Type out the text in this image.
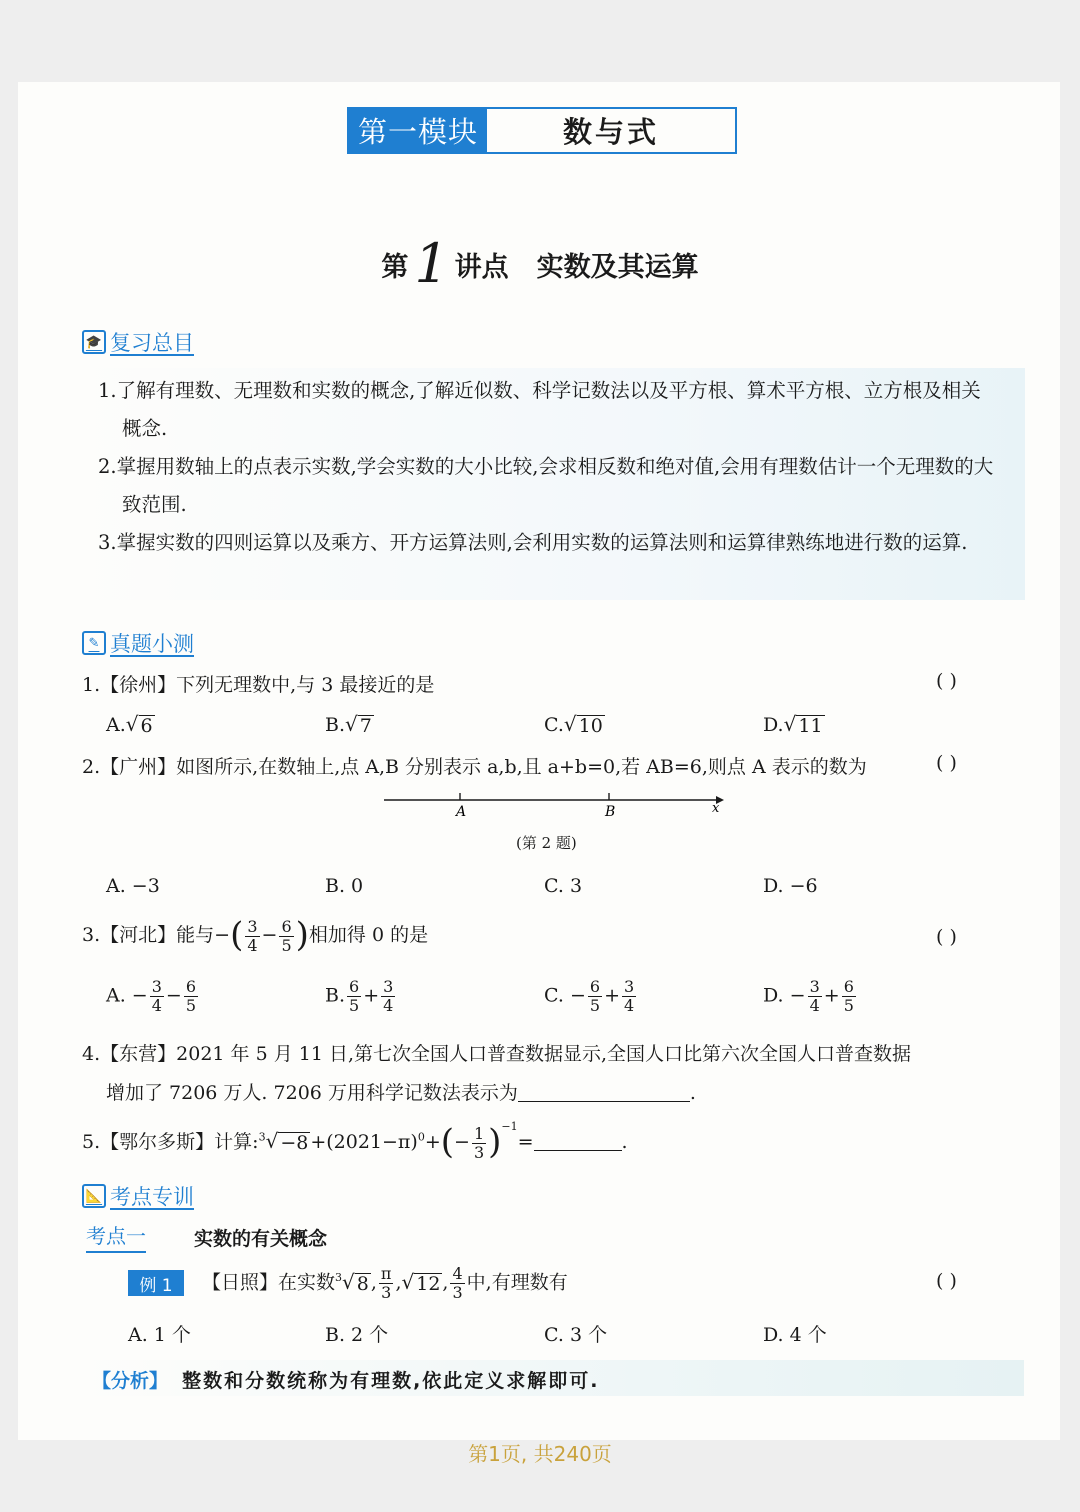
第一模块	数与式
第 1 讲点 实数及其运算
🎓 复习总目
1.了解有理数、无理数和实数的概念,了解近似数、科学记数法以及平方根、算术平方根、立方根及相关概念.
2.掌握用数轴上的点表示实数,学会实数的大小比较,会求相反数和绝对值,会用有理数估计一个无理数的大致范围.
3.掌握实数的四则运算以及乘方、开方运算法则,会利用实数的运算法则和运算律熟练地进行数的运算.
✎ 真题小测
1.【徐州】下列无理数中,与 3 最接近的是	( )
A. √ 6	B. √ 7	C. √ 10	D. √ 11
2.【广州】如图所示,在数轴上,点 A,B 分别表示 a,b,且 a+b=0,若 AB=6,则点 A 表示的数为	( )
A	B	x
(第 2 题)
A. −3	B. 0	C. 3	D. −6
3.【河北】能与−( $\frac{3}{4} - \frac{6}{5}$ )相加得 0 的是	( )
A. − $\frac{3}{4} - \frac{6}{5}$	B. $\frac{6}{5} + \frac{3}{4}$	C. − $\frac{6}{5} + \frac{3}{4}$	D. − $\frac{3}{4} + \frac{6}{5}$
4.【东营】2021 年 5 月 11 日,第七次全国人口普查数据显示,全国人口比第六次全国人口普查数据
增加了 7206 万人. 7206 万用科学记数法表示为	.
5.【鄂尔多斯】计算:$^3$ √ $-8 +(2021-\pi)^0+(- \frac{1}{3} )^{-1}=$	.
📐 考点专训
考点一	实数的有关概念
例 1	【日照】在实数$^3$ √ 8 , $\frac{\pi}{3}$ , √ 12 , $\frac{4}{3}$ 中,有理数有	( )
A. 1 个	B. 2 个	C. 3 个	D. 4 个
【分析】 整数和分数统称为有理数,依此定义求解即可.
第1页, 共240页
